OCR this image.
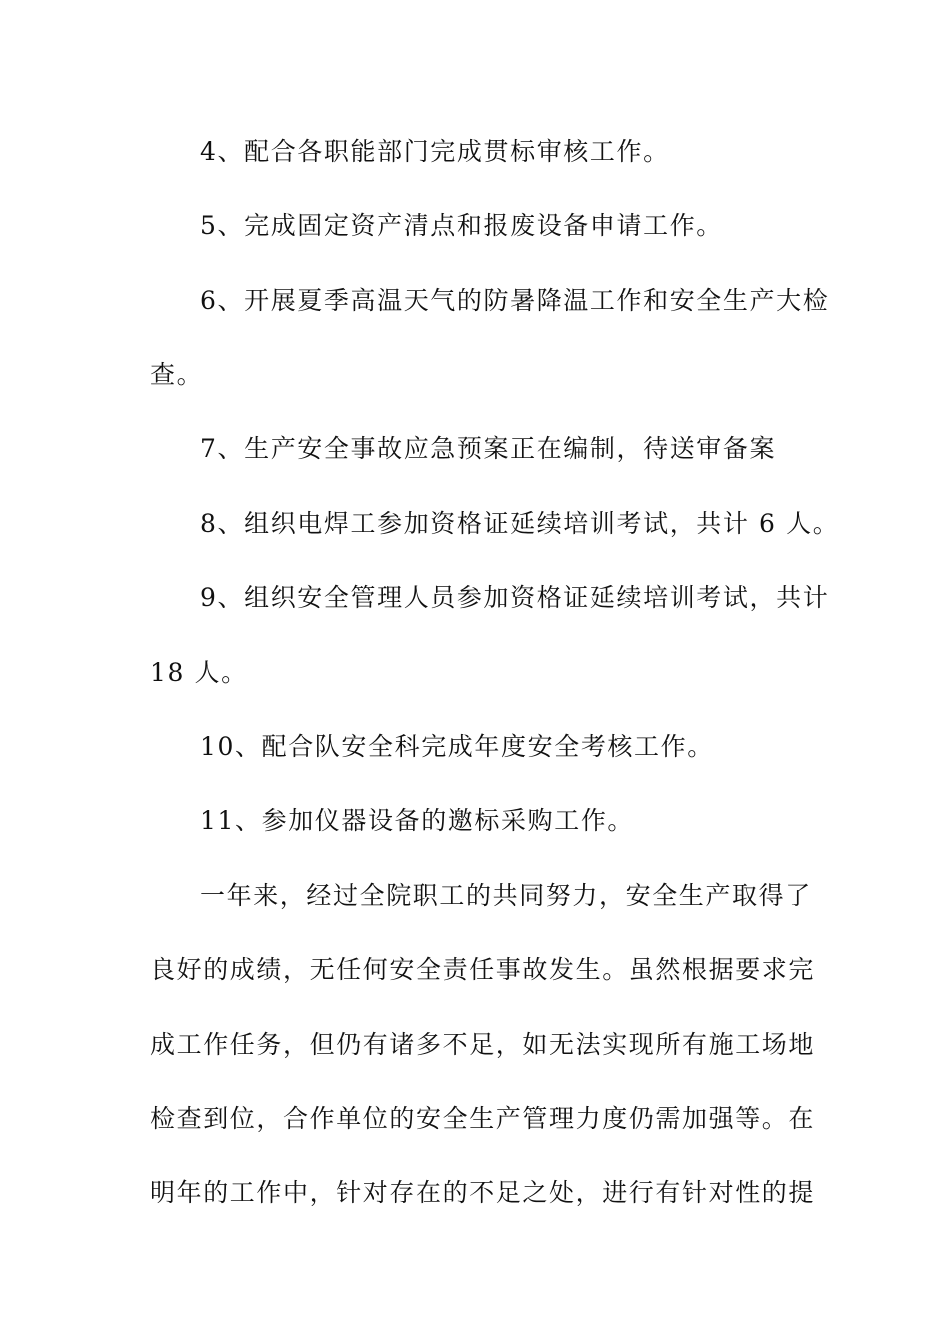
4、配合各职能部门完成贯标审核工作。
5、完成固定资产清点和报废设备申请工作。
6、开展夏季高温天气的防暑降温工作和安全生产大检
查。
7、生产安全事故应急预案正在编制，待送审备案
8、组织电焊工参加资格证延续培训考试，共计 6 人。
9、组织安全管理人员参加资格证延续培训考试，共计
18 人。
10、配合队安全科完成年度安全考核工作。
11、参加仪器设备的邀标采购工作。
一年来，经过全院职工的共同努力，安全生产取得了
良好的成绩，无任何安全责任事故发生。虽然根据要求完
成工作任务，但仍有诸多不足，如无法实现所有施工场地
检查到位，合作单位的安全生产管理力度仍需加强等。在
明年的工作中，针对存在的不足之处，进行有针对性的提
